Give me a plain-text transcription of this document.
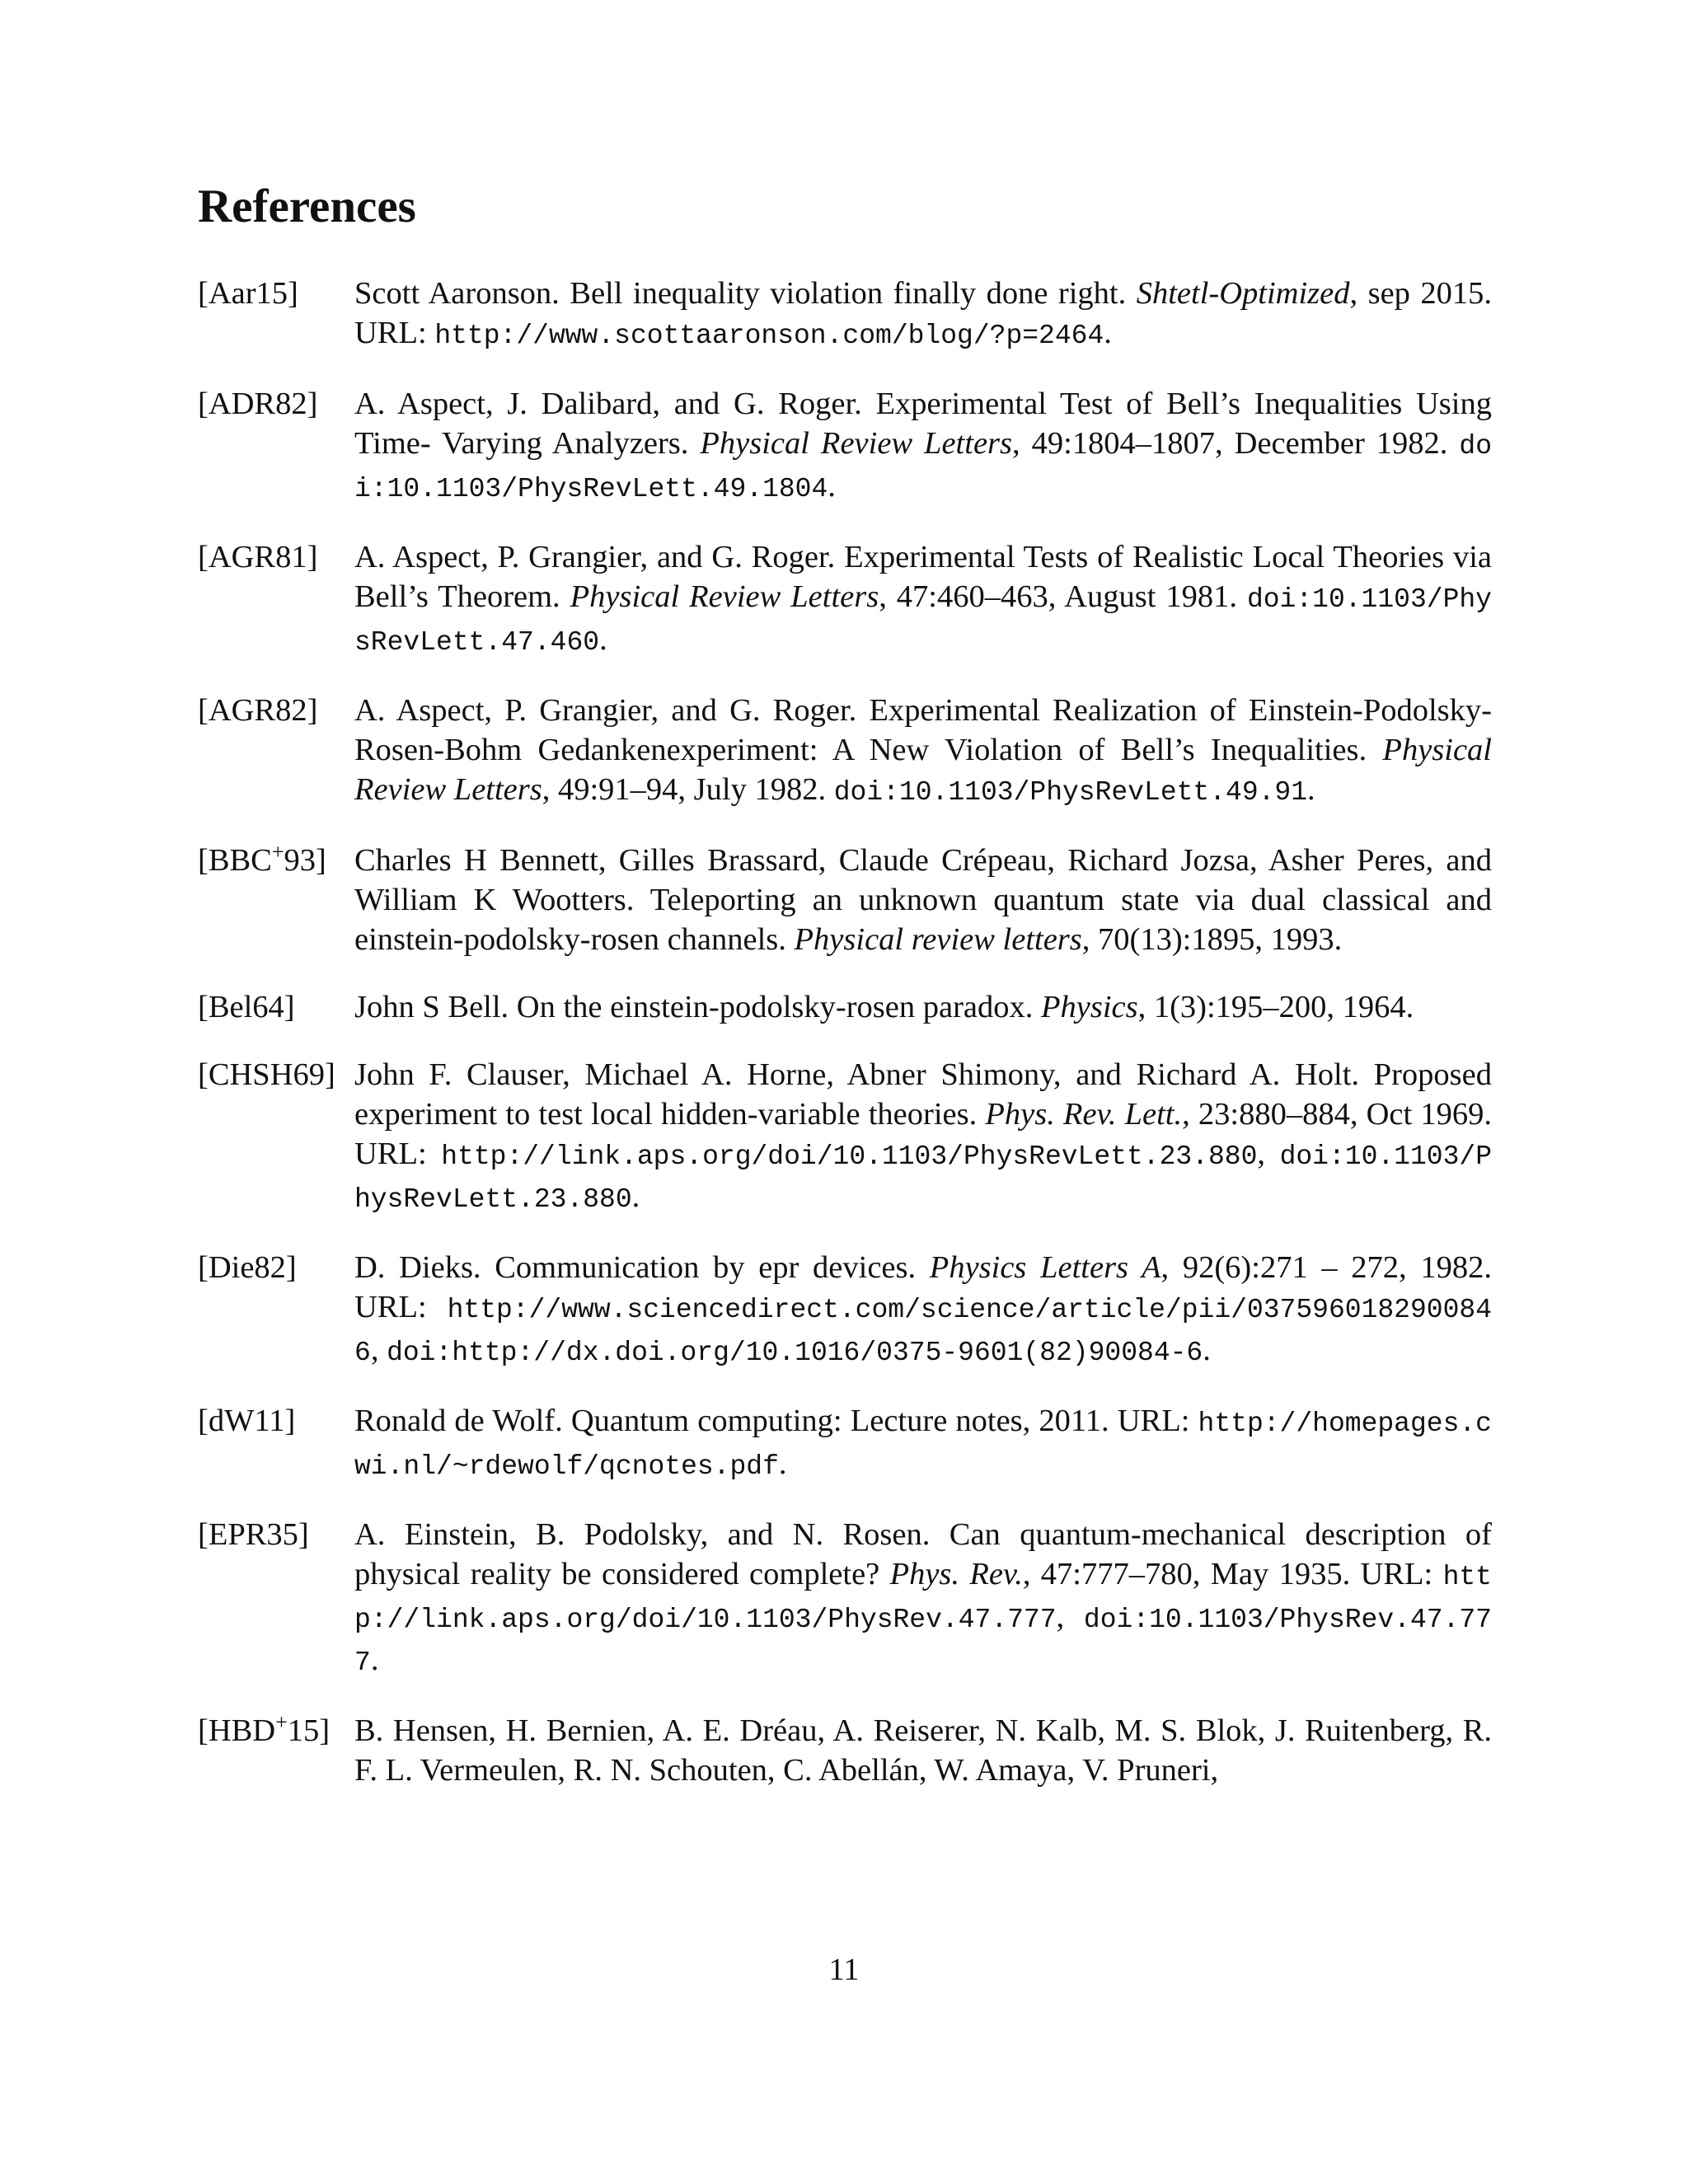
References
[Aar15] Scott Aaronson. Bell inequality violation finally done right. Shtetl-Optimized, sep 2015. URL: http://www.scottaaronson.com/blog/?p=2464.
[ADR82] A. Aspect, J. Dalibard, and G. Roger. Experimental Test of Bell’s Inequalities Using Time- Varying Analyzers. Physical Review Letters, 49:1804–1807, December 1982. doi:10.1103/PhysRevLett.49.1804.
[AGR81] A. Aspect, P. Grangier, and G. Roger. Experimental Tests of Realistic Local Theories via Bell’s Theorem. Physical Review Letters, 47:460–463, August 1981. doi:10.1103/PhysRevLett.47.460.
[AGR82] A. Aspect, P. Grangier, and G. Roger. Experimental Realization of Einstein-Podolsky-Rosen-Bohm Gedankenexperiment: A New Violation of Bell’s Inequalities. Physical Review Letters, 49:91–94, July 1982. doi:10.1103/PhysRevLett.49.91.
[BBC+93] Charles H Bennett, Gilles Brassard, Claude Crépeau, Richard Jozsa, Asher Peres, and William K Wootters. Teleporting an unknown quantum state via dual classical and einstein-podolsky-rosen channels. Physical review letters, 70(13):1895, 1993.
[Bel64] John S Bell. On the einstein-podolsky-rosen paradox. Physics, 1(3):195–200, 1964.
[CHSH69] John F. Clauser, Michael A. Horne, Abner Shimony, and Richard A. Holt. Proposed experiment to test local hidden-variable theories. Phys. Rev. Lett., 23:880–884, Oct 1969. URL: http://link.aps.org/doi/10.1103/PhysRevLett.23.880, doi:10.1103/PhysRevLett.23.880.
[Die82] D. Dieks. Communication by epr devices. Physics Letters A, 92(6):271 – 272, 1982. URL: http://www.sciencedirect.com/science/article/pii/0375960182900846, doi:http://dx.doi.org/10.1016/0375-9601(82)90084-6.
[dW11] Ronald de Wolf. Quantum computing: Lecture notes, 2011. URL: http://homepages.cwi.nl/~rdewolf/qcnotes.pdf.
[EPR35] A. Einstein, B. Podolsky, and N. Rosen. Can quantum-mechanical description of physical reality be considered complete? Phys. Rev., 47:777–780, May 1935. URL: http://link.aps.org/doi/10.1103/PhysRev.47.777, doi:10.1103/PhysRev.47.777.
[HBD+15] B. Hensen, H. Bernien, A. E. Dréau, A. Reiserer, N. Kalb, M. S. Blok, J. Ruitenberg, R. F. L. Vermeulen, R. N. Schouten, C. Abellán, W. Amaya, V. Pruneri,
11
